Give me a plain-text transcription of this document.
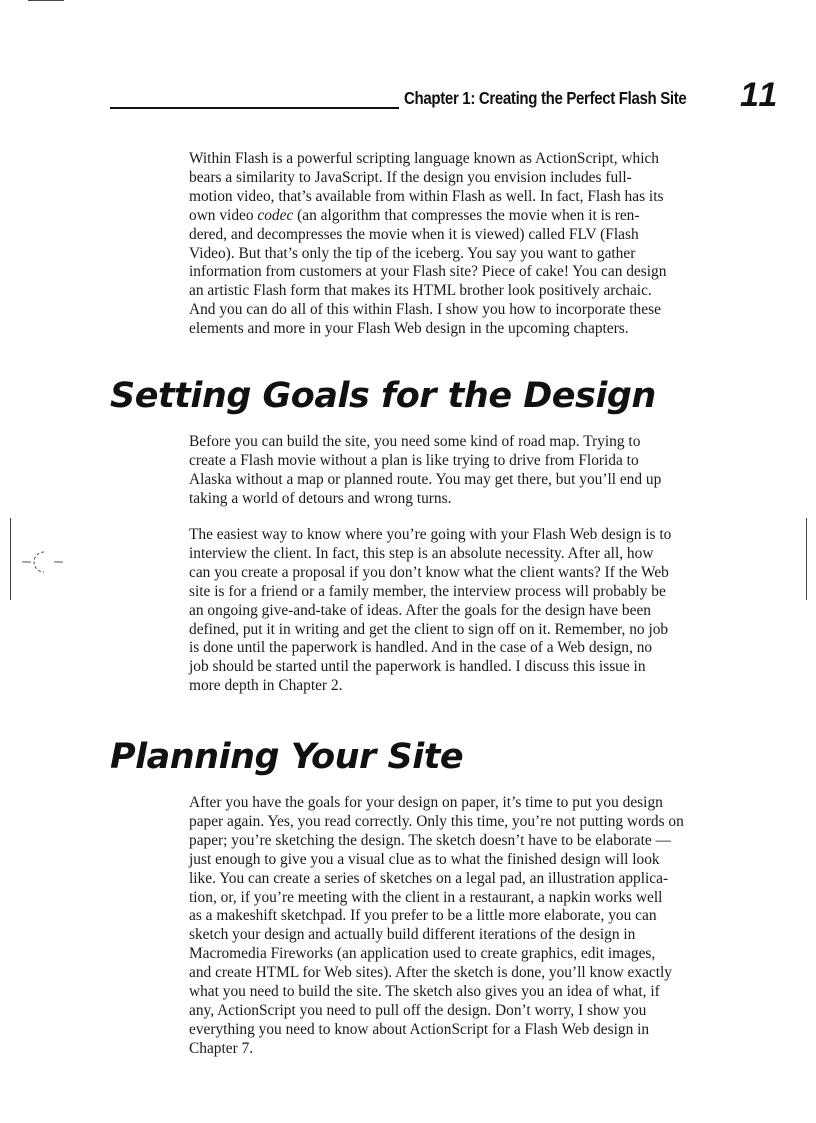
Chapter 1: Creating the Perfect Flash Site 11

Within Flash is a powerful scripting language known as ActionScript, which
bears a similarity to JavaScript. If the design you envision includes full-
motion video, that’s available from within Flash as well. In fact, Flash has its
own video codec (an algorithm that compresses the movie when it is ren-
dered, and decompresses the movie when it is viewed) called FLV (Flash
Video). But that’s only the tip of the iceberg. You say you want to gather
information from customers at your Flash site? Piece of cake! You can design
an artistic Flash form that makes its HTML brother look positively archaic.
And you can do all of this within Flash. I show you how to incorporate these
elements and more in your Flash Web design in the upcoming chapters.

Setting Goals for the Design

Before you can build the site, you need some kind of road map. Trying to
create a Flash movie without a plan is like trying to drive from Florida to
Alaska without a map or planned route. You may get there, but you’ll end up
taking a world of detours and wrong turns.

The easiest way to know where you’re going with your Flash Web design is to
interview the client. In fact, this step is an absolute necessity. After all, how
can you create a proposal if you don’t know what the client wants? If the Web
site is for a friend or a family member, the interview process will probably be
an ongoing give-and-take of ideas. After the goals for the design have been
defined, put it in writing and get the client to sign off on it. Remember, no job
is done until the paperwork is handled. And in the case of a Web design, no
job should be started until the paperwork is handled. I discuss this issue in
more depth in Chapter 2.

Planning Your Site

After you have the goals for your design on paper, it’s time to put you design
paper again. Yes, you read correctly. Only this time, you’re not putting words on
paper; you’re sketching the design. The sketch doesn’t have to be elaborate —
just enough to give you a visual clue as to what the finished design will look
like. You can create a series of sketches on a legal pad, an illustration applica-
tion, or, if you’re meeting with the client in a restaurant, a napkin works well
as a makeshift sketchpad. If you prefer to be a little more elaborate, you can
sketch your design and actually build different iterations of the design in
Macromedia Fireworks (an application used to create graphics, edit images,
and create HTML for Web sites). After the sketch is done, you’ll know exactly
what you need to build the site. The sketch also gives you an idea of what, if
any, ActionScript you need to pull off the design. Don’t worry, I show you
everything you need to know about ActionScript for a Flash Web design in
Chapter 7.
